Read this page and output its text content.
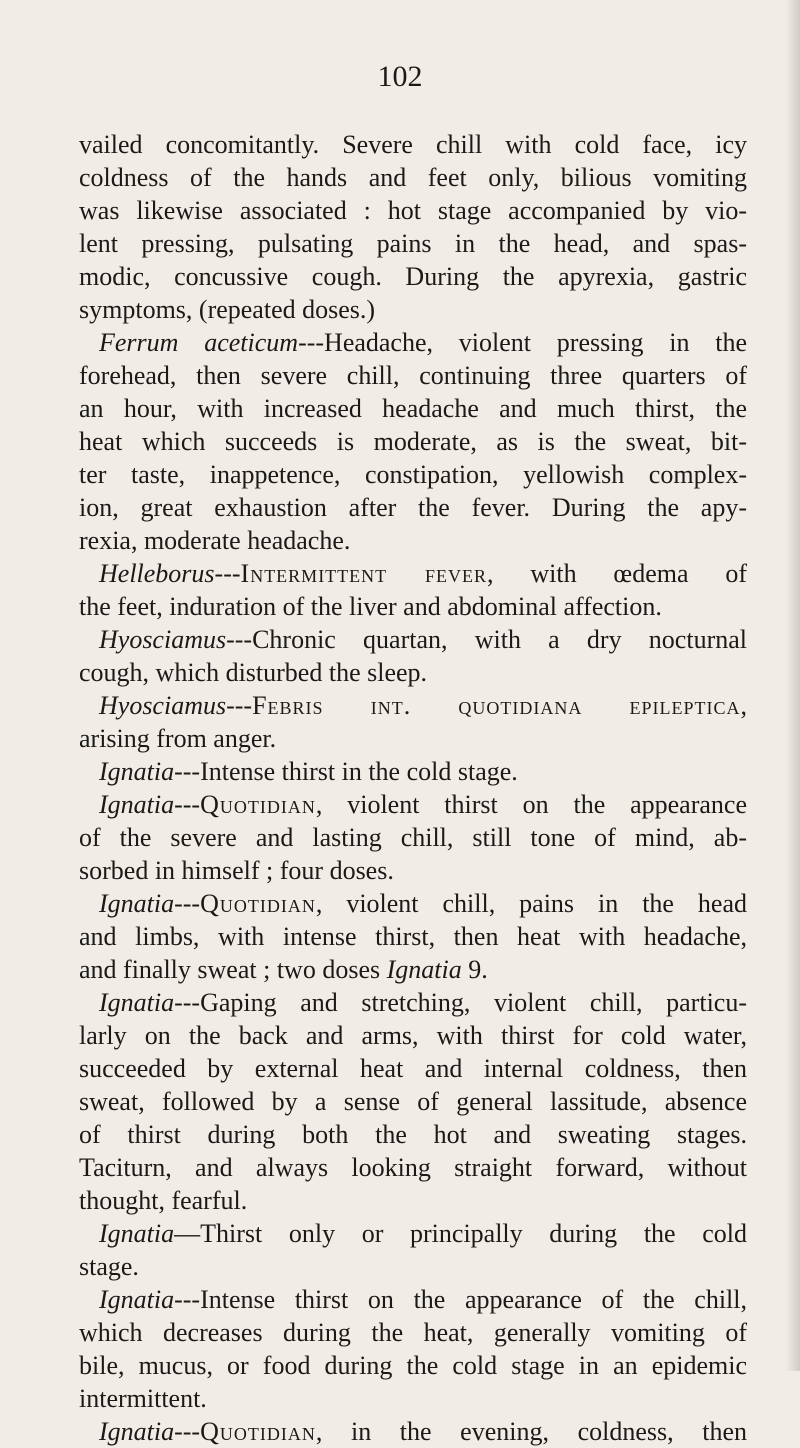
102
vailed concomitantly. Severe chill with cold face, icy
coldness of the hands and feet only, bilious vomiting
was likewise associated : hot stage accompanied by vio-
lent pressing, pulsating pains in the head, and spas-
modic, concussive cough. During the apyrexia, gastric
symptoms, (repeated doses.)
Ferrum aceticum---Headache, violent pressing in the
forehead, then severe chill, continuing three quarters of
an hour, with increased headache and much thirst, the
heat which succeeds is moderate, as is the sweat, bit-
ter taste, inappetence, constipation, yellowish complex-
ion, great exhaustion after the fever. During the apy-
rexia, moderate headache.
Helleborus---Intermittent fever, with œdema of
the feet, induration of the liver and abdominal affection.
Hyosciamus---Chronic quartan, with a dry nocturnal
cough, which disturbed the sleep.
Hyosciamus---Febris int. quotidiana epileptica,
arising from anger.
Ignatia---Intense thirst in the cold stage.
Ignatia---Quotidian, violent thirst on the appearance
of the severe and lasting chill, still tone of mind, ab-
sorbed in himself ; four doses.
Ignatia---Quotidian, violent chill, pains in the head
and limbs, with intense thirst, then heat with headache,
and finally sweat ; two doses Ignatia 9.
Ignatia---Gaping and stretching, violent chill, particu-
larly on the back and arms, with thirst for cold water,
succeeded by external heat and internal coldness, then
sweat, followed by a sense of general lassitude, absence
of thirst during both the hot and sweating stages.
Taciturn, and always looking straight forward, without
thought, fearful.
Ignatia—Thirst only or principally during the cold
stage.
Ignatia---Intense thirst on the appearance of the chill,
which decreases during the heat, generally vomiting of
bile, mucus, or food during the cold stage in an epidemic
intermittent.
Ignatia---Quotidian, in the evening, coldness, then
